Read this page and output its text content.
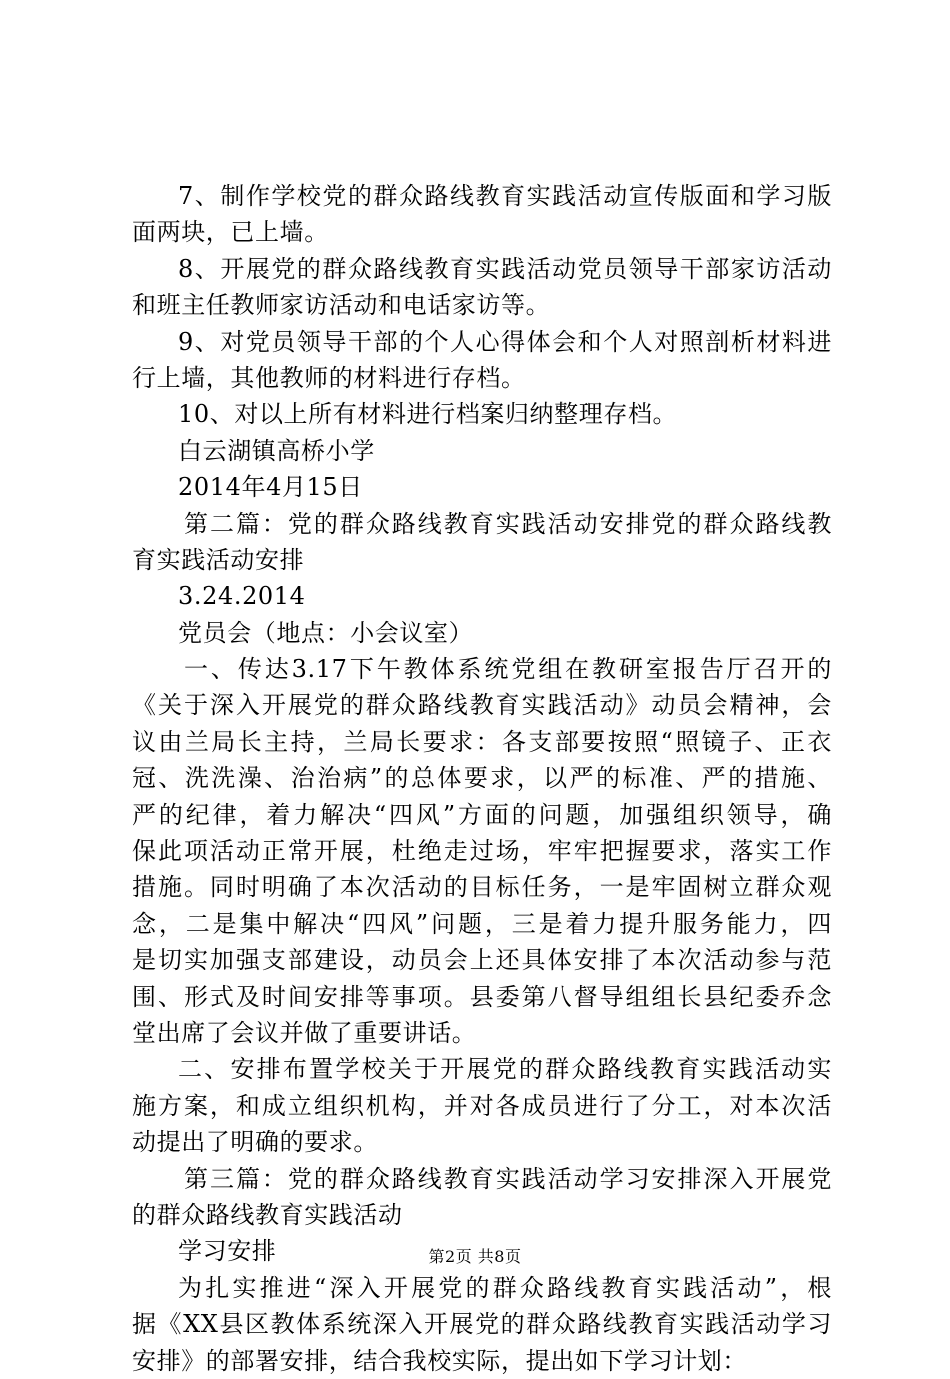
7、制作学校党的群众路线教育实践活动宣传版面和学习版
面两块，已上墙。
8、开展党的群众路线教育实践活动党员领导干部家访活动
和班主任教师家访活动和电话家访等。
9、对党员领导干部的个人心得体会和个人对照剖析材料进
行上墙，其他教师的材料进行存档。
10、对以上所有材料进行档案归纳整理存档。
白云湖镇高桥小学
2014年4月15日
第二篇：党的群众路线教育实践活动安排党的群众路线教
育实践活动安排
3.24.2014
党员会（地点：小会议室）
一、传达3.17下午教体系统党组在教研室报告厅召开的
《关于深入开展党的群众路线教育实践活动》动员会精神，会
议由兰局长主持，兰局长要求：各支部要按照“照镜子、正衣
冠、洗洗澡、治治病”的总体要求，以严的标准、严的措施、
严的纪律，着力解决“四风”方面的问题，加强组织领导，确
保此项活动正常开展，杜绝走过场，牢牢把握要求，落实工作
措施。同时明确了本次活动的目标任务，一是牢固树立群众观
念，二是集中解决“四风”问题，三是着力提升服务能力，四
是切实加强支部建设，动员会上还具体安排了本次活动参与范
围、形式及时间安排等事项。县委第八督导组组长县纪委乔念
堂出席了会议并做了重要讲话。
二、安排布置学校关于开展党的群众路线教育实践活动实
施方案，和成立组织机构，并对各成员进行了分工，对本次活
动提出了明确的要求。
第三篇：党的群众路线教育实践活动学习安排深入开展党
的群众路线教育实践活动
学习安排
为扎实推进“深入开展党的群众路线教育实践活动”，根
据《XX县区教体系统深入开展党的群众路线教育实践活动学习
安排》的部署安排，结合我校实际，提出如下学习计划：
第2页 共8页
